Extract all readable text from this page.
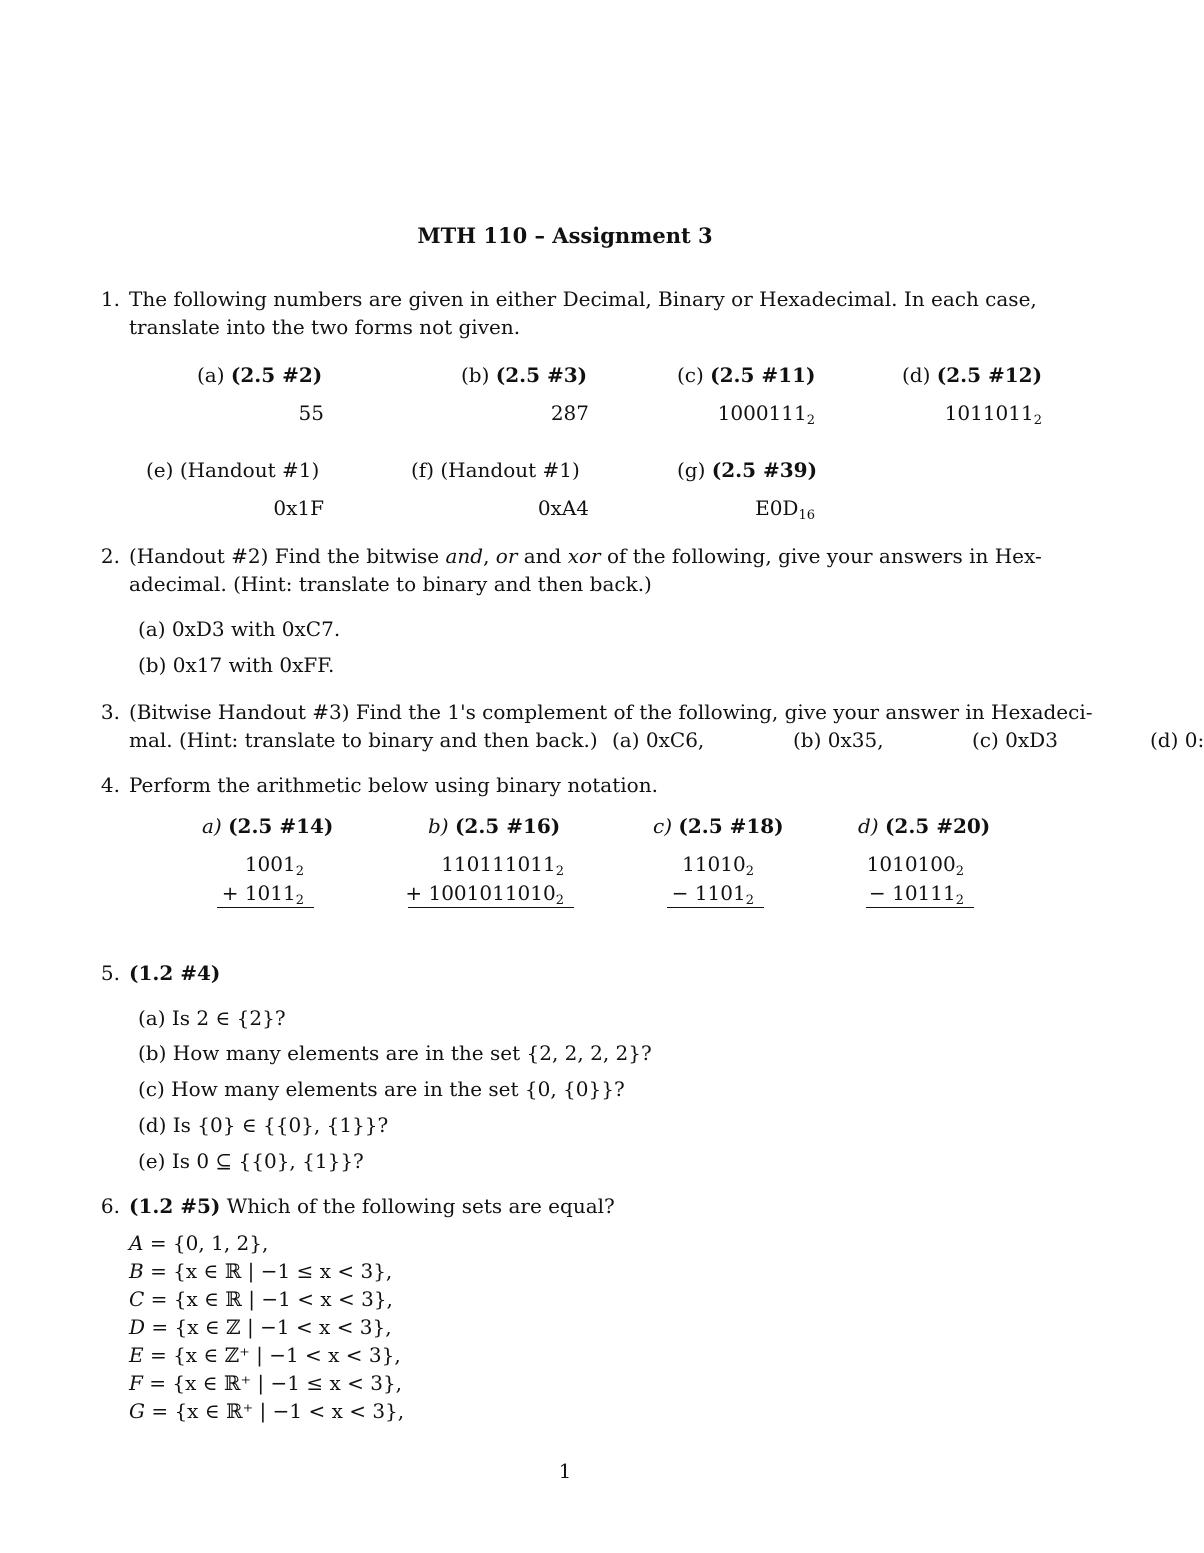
MTH 110 – Assignment 3
1. The following numbers are given in either Decimal, Binary or Hexadecimal. In each case,
translate into the two forms not given.
(a) (2.5 #2)
55
(b) (2.5 #3)
287
(c) (2.5 #11)
$1000111_2$
(d) (2.5 #12)
$1011011_2$
(e) (Handout #1)
0x1F
(f) (Handout #1)
0xA4
(g) (2.5 #39)
$E0D_{16}$
2. (Handout #2) Find the bitwise and, or and xor of the following, give your answers in Hex-
adecimal. (Hint: translate to binary and then back.)
(a) 0xD3 with 0xC7.
(b) 0x17 with 0xFF.
3. (Bitwise Handout #3) Find the 1's complement of the following, give your answer in Hexadeci-
mal. (Hint: translate to binary and then back.) (a) 0xC6,	(b) 0x35,	(c) 0xD3	(d) 0:
4. Perform the arithmetic below using binary notation.
a) (2.5 #14)
$1001_2$
+ $1011_2$
b) (2.5 #16)
$110111011_2$
+ $1001011010_2$
c) (2.5 #18)
$11010_2$
− $1101_2$
d) (2.5 #20)
$1010100_2$
− $10111_2$
5. (1.2 #4)
(a) Is 2 ∈ {2}?
(b) How many elements are in the set {2, 2, 2, 2}?
(c) How many elements are in the set {0, {0}}?
(d) Is {0} ∈ {{0}, {1}}?
(e) Is 0 ⊆ {{0}, {1}}?
6. (1.2 #5) Which of the following sets are equal?
A = {0, 1, 2},
B = {x ∈ ℝ | −1 ≤ x < 3},
C = {x ∈ ℝ | −1 < x < 3},
D = {x ∈ ℤ | −1 < x < 3},
E = {x ∈ ℤ⁺ | −1 < x < 3},
F = {x ∈ ℝ⁺ | −1 ≤ x < 3},
G = {x ∈ ℝ⁺ | −1 < x < 3},
1
